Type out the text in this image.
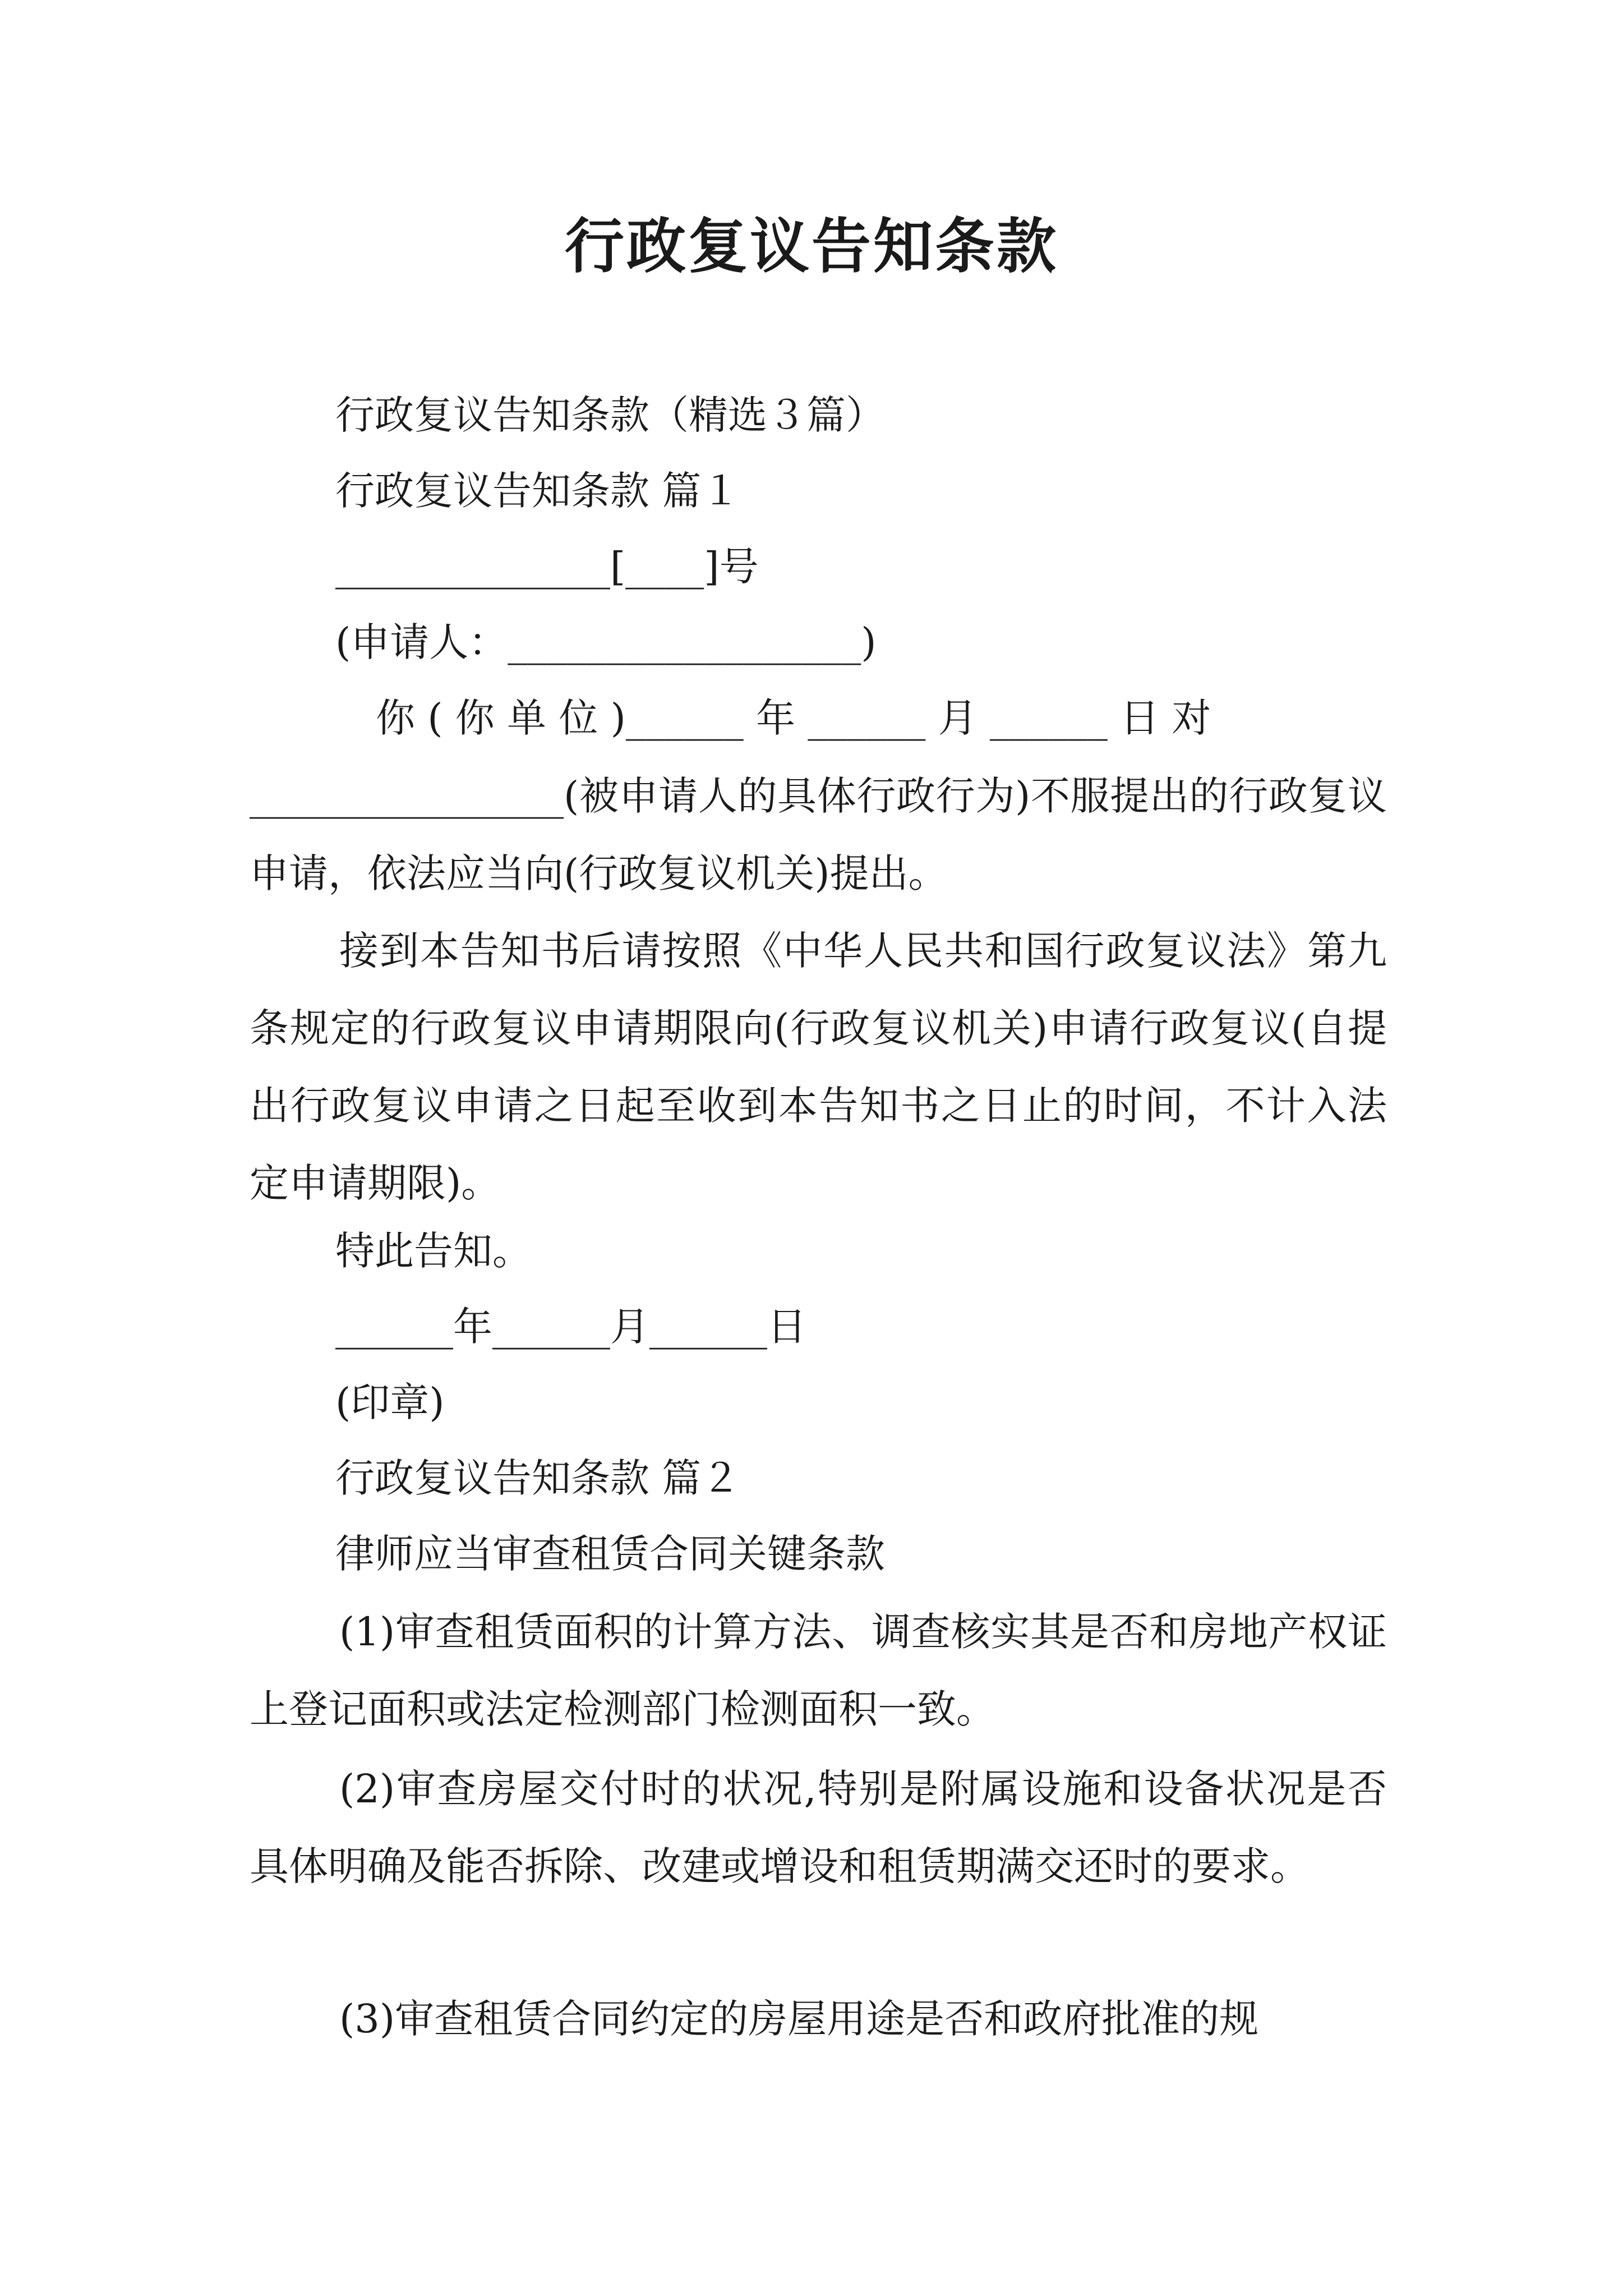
行政复议告知条款
行政复议告知条款（精选３篇）
行政复议告知条款 篇１
______________[____]号
(申请人：__________________)
你 ( 你 单 位 )______ 年 ______ 月 ______ 日 对
________________(被申请人的具体行政行为)不服提出的行政复议申请，依法应当向(行政复议机关)提出。
接到本告知书后请按照《中华人民共和国行政复议法》第九条规定的行政复议申请期限向(行政复议机关)申请行政复议(自提出行政复议申请之日起至收到本告知书之日止的时间，不计入法定申请期限)。
特此告知。
______年______月______日
(印章)
行政复议告知条款 篇２
律师应当审查租赁合同关键条款
(1)审查租赁面积的计算方法、调查核实其是否和房地产权证上登记面积或法定检测部门检测面积一致。
(2)审查房屋交付时的状况,特别是附属设施和设备状况是否具体明确及能否拆除、改建或增设和租赁期满交还时的要求。
(3)审查租赁合同约定的房屋用途是否和政府批准的规
